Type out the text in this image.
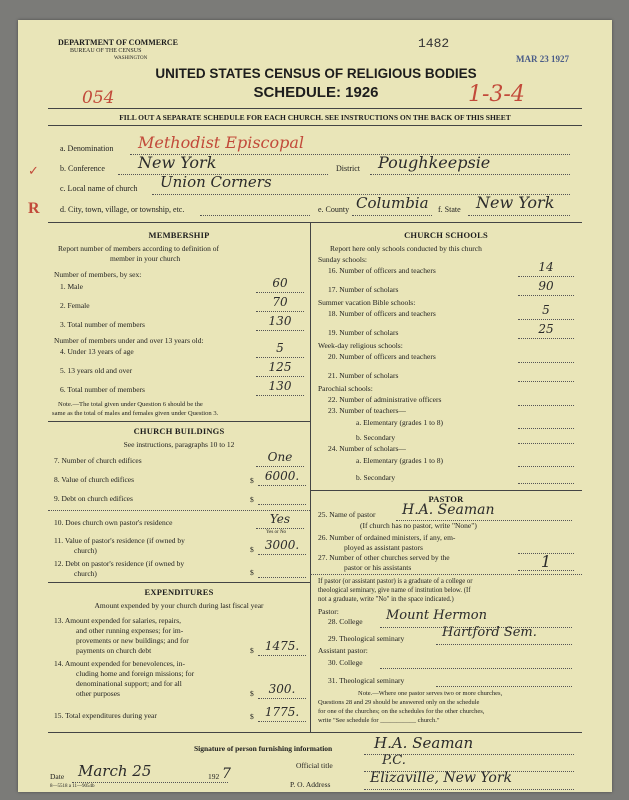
DEPARTMENT OF COMMERCE
BUREAU OF THE CENSUS
WASHINGTON
1482
MAR 23 1927
UNITED STATES CENSUS OF RELIGIOUS BODIES
SCHEDULE: 1926
054	1-3-4
FILL OUT A SEPARATE SCHEDULE FOR EACH CHURCH. SEE INSTRUCTIONS ON THE BACK OF THIS SHEET
a. Denomination Methodist Episcopal
✓	b. Conference New York	District Poughkeepsie
c. Local name of church Union Corners
R	d. City, town, village, or township, etc.	e. County Columbia f. State New York
MEMBERSHIP
Report number of members according to definition of
member in your church
Number of members, by sex:
1. Male	60
2. Female	70
3. Total number of members	130
Number of members under and over 13 years old:
4. Under 13 years of age	5
5. 13 years old and over	125
6. Total number of members	130
Note.—The total given under Question 6 should be the
same as the total of males and females given under Question 3.
CHURCH BUILDINGS
See instructions, paragraphs 10 to 12
7. Number of church edifices	One
8. Value of church edifices	$ 6000.
9. Debt on church edifices	$
10. Does church own pastor's residence	Yes
Yes or No
11. Value of pastor's residence (if owned by
church)	$ 3000.
12. Debt on pastor's residence (if owned by
church)	$
EXPENDITURES
Amount expended by your church during last fiscal year
13. Amount expended for salaries, repairs,
and other running expenses; for im-
provements or new buildings; and for
payments on church debt	$ 1475.
14. Amount expended for benevolences, in-
cluding home and foreign missions; for
denominational support; and for all
other purposes	$	300.
15. Total expenditures during year	$ 1775.
CHURCH SCHOOLS
Report here only schools conducted by this church
Sunday schools:
16. Number of officers and teachers	14
17. Number of scholars	90
Summer vacation Bible schools:
18. Number of officers and teachers	5
19. Number of scholars	25
Week-day religious schools:
20. Number of officers and teachers
21. Number of scholars
Parochial schools:
22. Number of administrative officers
23. Number of teachers—
a. Elementary (grades 1 to 8)
b. Secondary
24. Number of scholars—
a. Elementary (grades 1 to 8)
b. Secondary
PASTOR
25. Name of pastor H.A. Seaman
(If church has no pastor, write "None")
26. Number of ordained ministers, if any, em-
ployed as assistant pastors
27. Number of other churches served by the
pastor or his assistants	1
If pastor (or assistant pastor) is a graduate of a college or
theological seminary, give name of institution below. (If
not a graduate, write "No" in the space indicated.)
Pastor:
28. College Mount Hermon
29. Theological seminary	Hartford Sem.
Assistant pastor:
30. College
31. Theological seminary
Note.—Where one pastor serves two or more churches,
Questions 28 and 29 should be answered only on the schedule
for one of the churches; on the schedules for the other churches,
write "See schedule for ___________ church."
Signature of person furnishing information	H.A. Seaman
Official title	P.C.
Date March 25	192 7
P. O. Address	Elizaville, New York
8—5518 a 11—9054b
